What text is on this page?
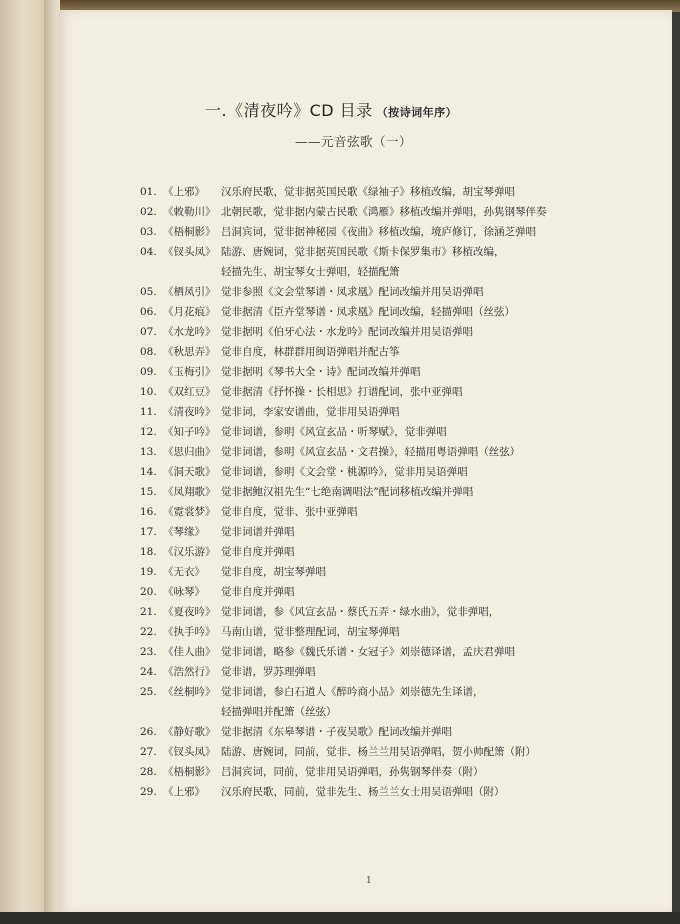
一.《清夜吟》CD 目录 （按诗词年序）
——元音弦歌（一）
01. 《上邪》 汉乐府民歌，觉非据英国民歌《绿袖子》移植改编，胡宝琴弹唱
02. 《敕勒川》 北朝民歌，觉非据内蒙古民歌《鸿雁》移植改编并弹唱，孙隽钢琴伴奏
03. 《梧桐影》 吕洞宾词，觉非据神秘园《夜曲》移植改编，境庐修订，徐涵芝弹唱
04. 《钗头凤》 陆游、唐婉词，觉非据英国民歌《斯卡保罗集市》移植改编，
轻描先生、胡宝琴女士弹唱，轻描配箫
05. 《栖凤引》 觉非参照《文会堂琴谱・凤求凰》配词改编并用吴语弹唱
06. 《月花痕》 觉非据清《臣卉堂琴谱・凤求凰》配词改编，轻描弹唱（丝弦）
07. 《水龙吟》 觉非据明《伯牙心法・水龙吟》配词改编并用吴语弹唱
08. 《秋思弄》 觉非自度，林群群用闽语弹唱并配古筝
09. 《玉梅引》 觉非据明《琴书大全・诗》配词改编并弹唱
10. 《双红豆》 觉非据清《抒怀操・长相思》打谱配词，张中亚弹唱
11. 《清夜吟》 觉非词，李家安谱曲，觉非用吴语弹唱
12. 《知子吟》 觉非词谱，参明《风宣玄品・听琴赋》，觉非弹唱
13. 《思归曲》 觉非词谱，参明《风宣玄品・文君操》，轻描用粤语弹唱（丝弦）
14. 《洞天歌》 觉非词谱，参明《文会堂・桃源吟》，觉非用吴语弹唱
15. 《凤翔歌》 觉非据鲍汉祖先生“七绝南调唱法”配词移植改编并弹唱
16. 《霓裳梦》 觉非自度，觉非、张中亚弹唱
17. 《琴缘》 觉非词谱并弹唱
18. 《汉乐游》 觉非自度并弹唱
19. 《无衣》 觉非自度，胡宝琴弹唱
20. 《咏琴》 觉非自度并弹唱
21. 《夏夜吟》 觉非词谱，参《风宣玄品・蔡氏五弄・绿水曲》，觉非弹唱，
22. 《执手吟》 马南山谱，觉非整理配词，胡宝琴弹唱
23. 《佳人曲》 觉非词谱，略参《魏氏乐谱・女冠子》刘崇德译谱，孟庆君弹唱
24. 《浩然行》 觉非谱，罗苏理弹唱
25. 《丝桐吟》 觉非词谱，参白石道人《醉吟商小品》刘崇德先生译谱，
轻描弹唱并配箫（丝弦）
26. 《静好歌》 觉非据清《东皋琴谱・子夜吴歌》配词改编并弹唱
27. 《钗头凤》 陆游、唐婉词，同前，觉非、杨兰兰用吴语弹唱，贺小帅配箫（附）
28. 《梧桐影》 吕洞宾词，同前，觉非用吴语弹唱，孙隽钢琴伴奏（附）
29. 《上邪》 汉乐府民歌，同前，觉非先生、杨兰兰女士用吴语弹唱（附）
1
